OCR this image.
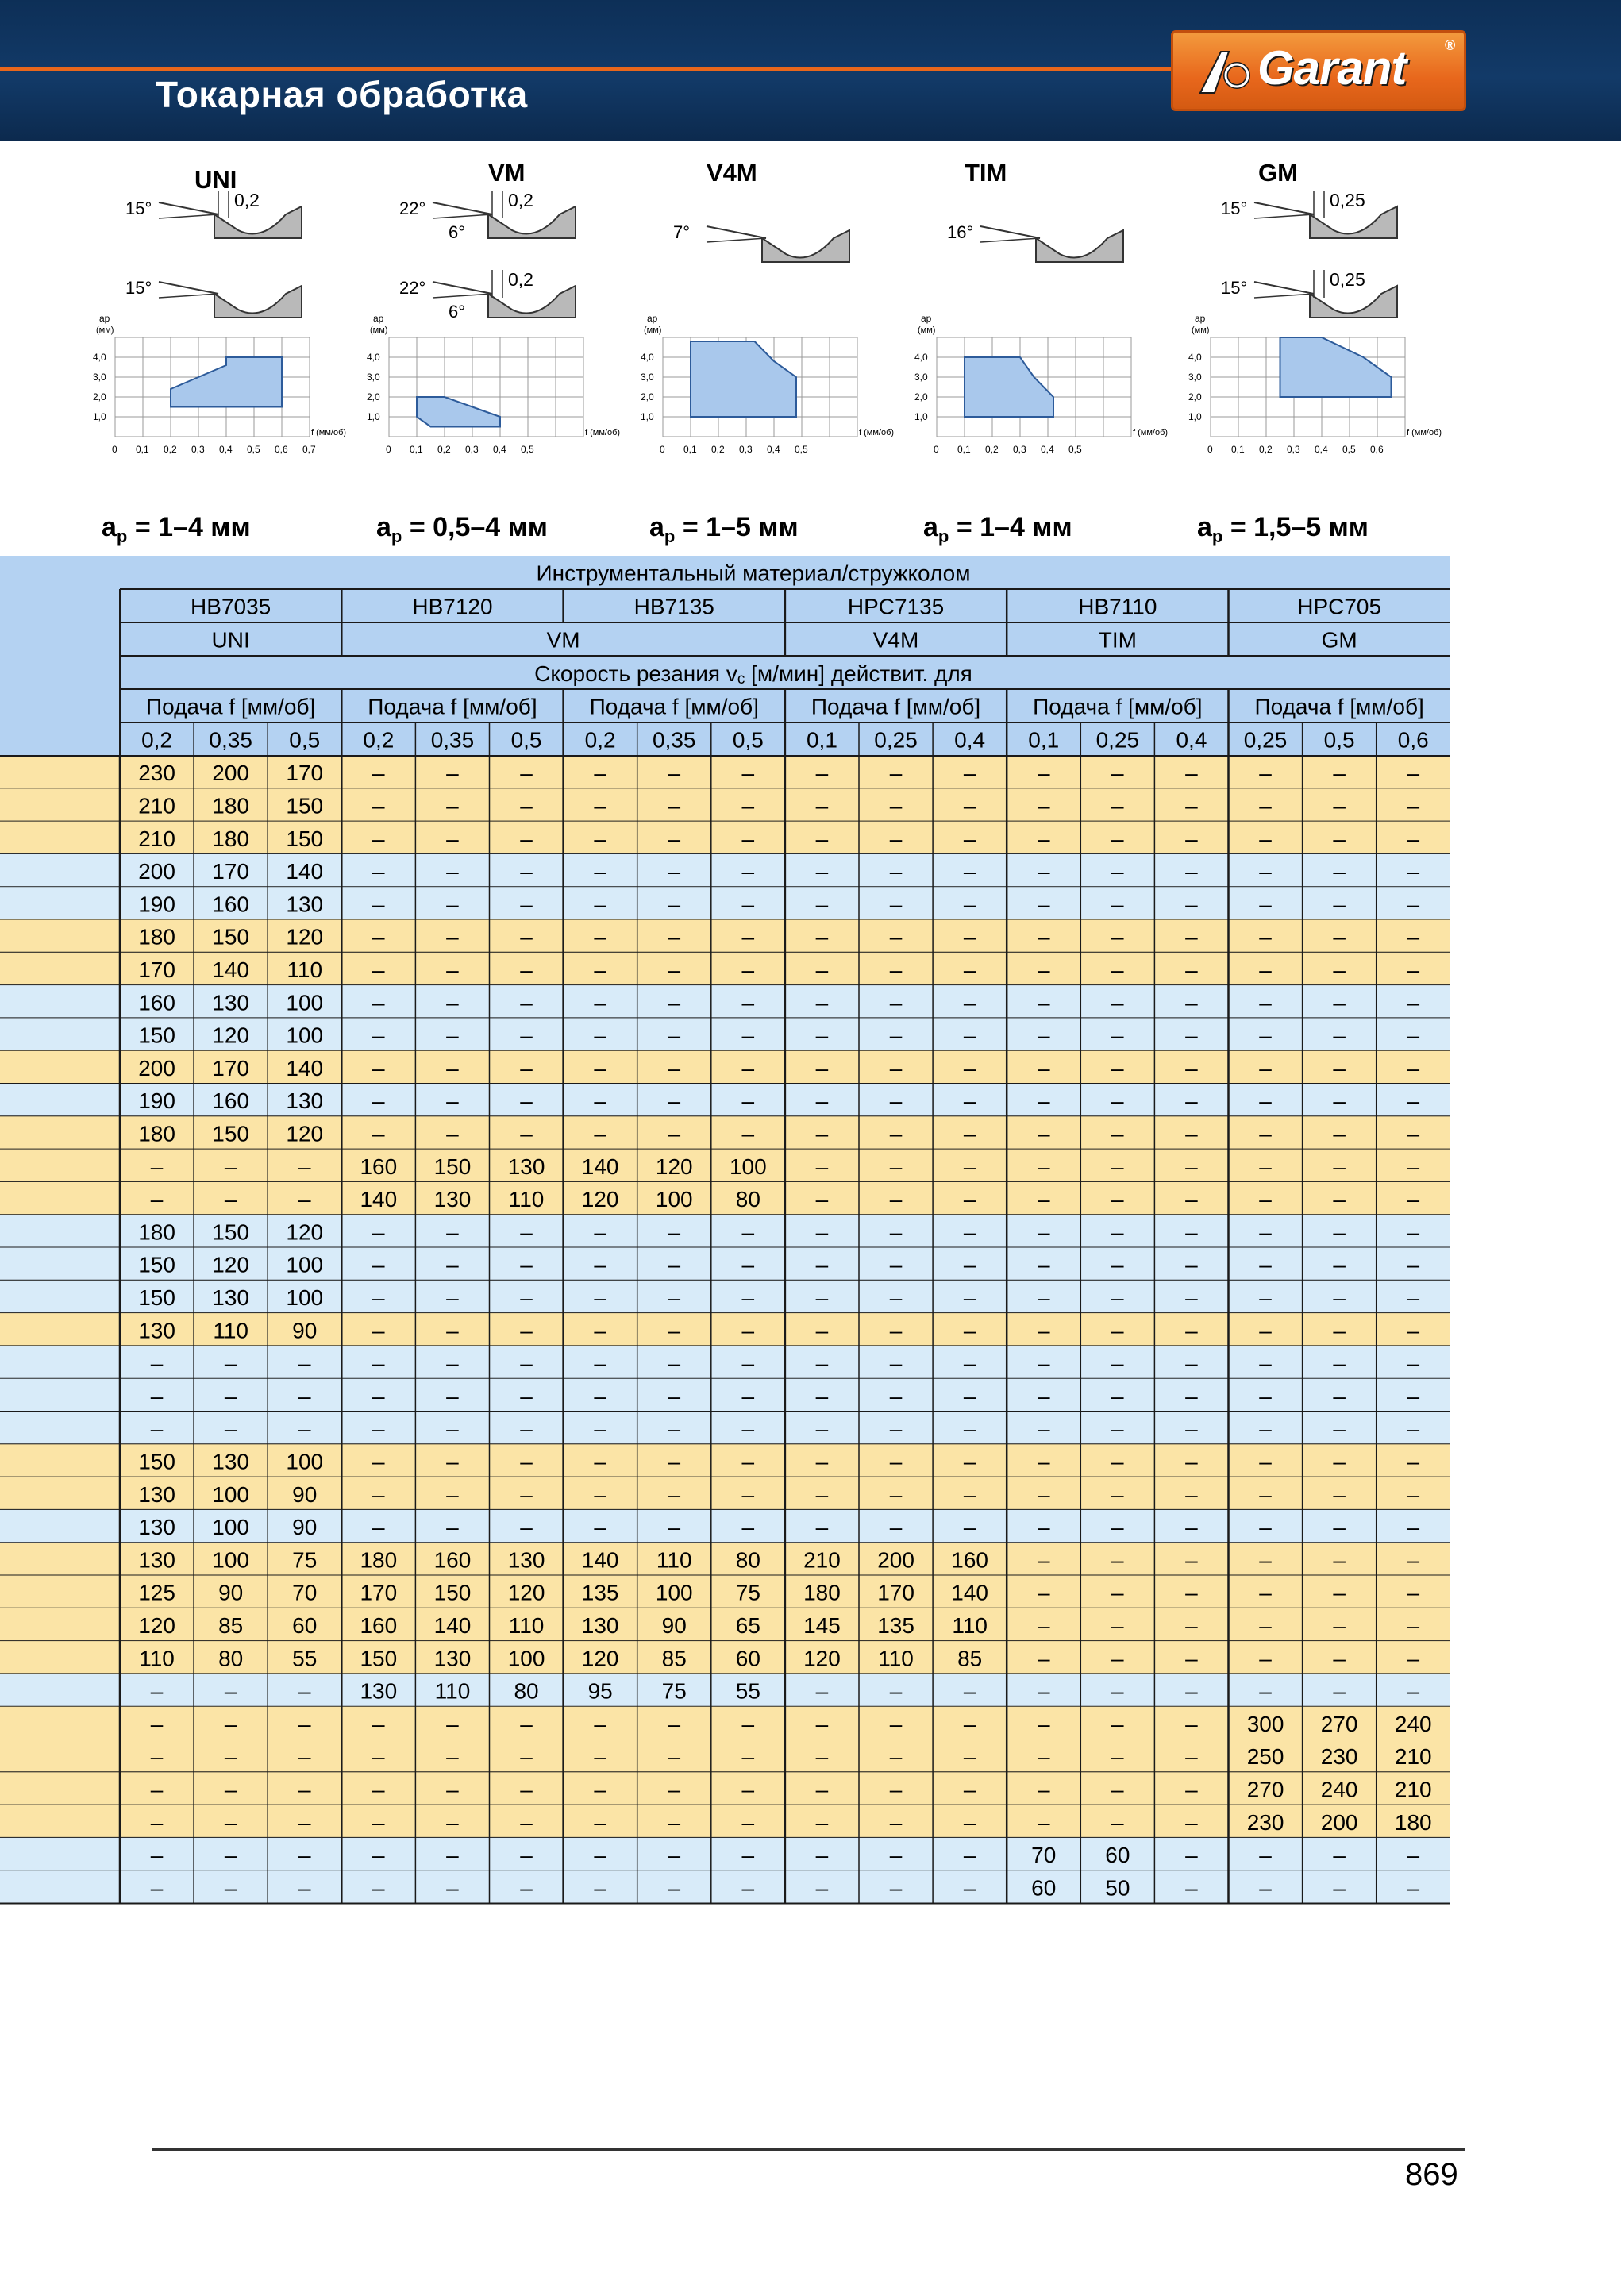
Токарная обработка	Garant	®
UNI
15°	0,2
15°
ap
(мм)
1,0
2,0
3,0
4,0
0 0,1 0,2 0,3 0,4 0,5 0,6 0,7
f (мм/об)
VM
22°
6°
0,2
22°
6°
0,2
ap
(мм)
1,0
2,0
3,0
4,0
0 0,1 0,2 0,3 0,4 0,5
f (мм/об)
V4M
7°
ap
(мм)
1,0
2,0
3,0
4,0
0 0,1 0,2 0,3 0,4 0,5
f (мм/об)
TIM
16°
ap
(мм)
1,0
2,0
3,0
4,0
0 0,1 0,2 0,3 0,4 0,5
f (мм/об)
GM
15°	0,25
15°	0,25
ap
(мм)
1,0
2,0
3,0
4,0
0 0,1 0,2 0,3 0,4 0,5 0,6
f (мм/об)
$a_p = 1-4$ мм	$a_p = 0,5-4$ мм	$a_p = 1-5$ мм	$a_p = 1-4$ мм	$a_p = 1,5-5$ мм
Инструментальный материал/стружколом
HB7035	HB7120	HB7135	HPC7135	HB7110	HPC705
UNI	VM	V4M	TIM	GM
Скорость резания $v_c$ [м/мин] действит. для
Подача f [мм/об] Подача f [мм/об] Подача f [мм/об] Подача f [мм/об] Подача f [мм/об] Подача f [мм/об]
0,2 0,35 0,5 0,2 0,35 0,5 0,2 0,35 0,5 0,1 0,25 0,4 0,1 0,25 0,4 0,25 0,5 0,6
230 200 170 –	–	–	–	–	–	–	–	–	–	–	–	–	–	–
210 180 150 –	–	–	–	–	–	–	–	–	–	–	–	–	–	–
210 180 150 –	–	–	–	–	–	–	–	–	–	–	–	–	–	–
200 170 140 –	–	–	–	–	–	–	–	–	–	–	–	–	–	–
190 160 130 –	–	–	–	–	–	–	–	–	–	–	–	–	–	–
180 150 120 –	–	–	–	–	–	–	–	–	–	–	–	–	–	–
170 140 110 –	–	–	–	–	–	–	–	–	–	–	–	–	–	–
160 130 100 –	–	–	–	–	–	–	–	–	–	–	–	–	–	–
150 120 100 –	–	–	–	–	–	–	–	–	–	–	–	–	–	–
200 170 140 –	–	–	–	–	–	–	–	–	–	–	–	–	–	–
190 160 130 –	–	–	–	–	–	–	–	–	–	–	–	–	–	–
180 150 120 –	–	–	–	–	–	–	–	–	–	–	–	–	–	–
–	–	– 160 150 130 140 120 100 –	–	–	–	–	–	–	–	–
–	–	– 140 130 110 120 100 80 –	–	–	–	–	–	–	–	–
180 150 120 –	–	–	–	–	–	–	–	–	–	–	–	–	–	–
150 120 100 –	–	–	–	–	–	–	–	–	–	–	–	–	–	–
150 130 100 –	–	–	–	–	–	–	–	–	–	–	–	–	–	–
130 110 90 –	–	–	–	–	–	–	–	–	–	–	–	–	–	–
–	–	–	–	–	–	–	–	–	–	–	–	–	–	–	–	–	–
–	–	–	–	–	–	–	–	–	–	–	–	–	–	–	–	–	–
–	–	–	–	–	–	–	–	–	–	–	–	–	–	–	–	–	–
150 130 100 –	–	–	–	–	–	–	–	–	–	–	–	–	–	–
130 100 90 –	–	–	–	–	–	–	–	–	–	–	–	–	–	–
130 100 90 –	–	–	–	–	–	–	–	–	–	–	–	–	–	–
130 100 75 180 160 130 140 110 80 210 200 160 –	–	–	–	–	–
125 90 70 170 150 120 135 100 75 180 170 140 –	–	–	–	–	–
120 85 60 160 140 110 130 90 65 145 135 110 –	–	–	–	–	–
110 80 55 150 130 100 120 85 60 120 110 85 –	–	–	–	–	–
–	–	– 130 110 80 95 75 55 –	–	–	–	–	–	–	–	–
–	–	–	–	–	–	–	–	–	–	–	–	–	–	– 300 270 240
–	–	–	–	–	–	–	–	–	–	–	–	–	–	– 250 230 210
–	–	–	–	–	–	–	–	–	–	–	–	–	–	– 270 240 210
–	–	–	–	–	–	–	–	–	–	–	–	–	–	– 230 200 180
–	–	–	–	–	–	–	–	–	–	–	– 70 60 –	–	–	–
–	–	–	–	–	–	–	–	–	–	–	– 60 50 –	–	–	–
869
